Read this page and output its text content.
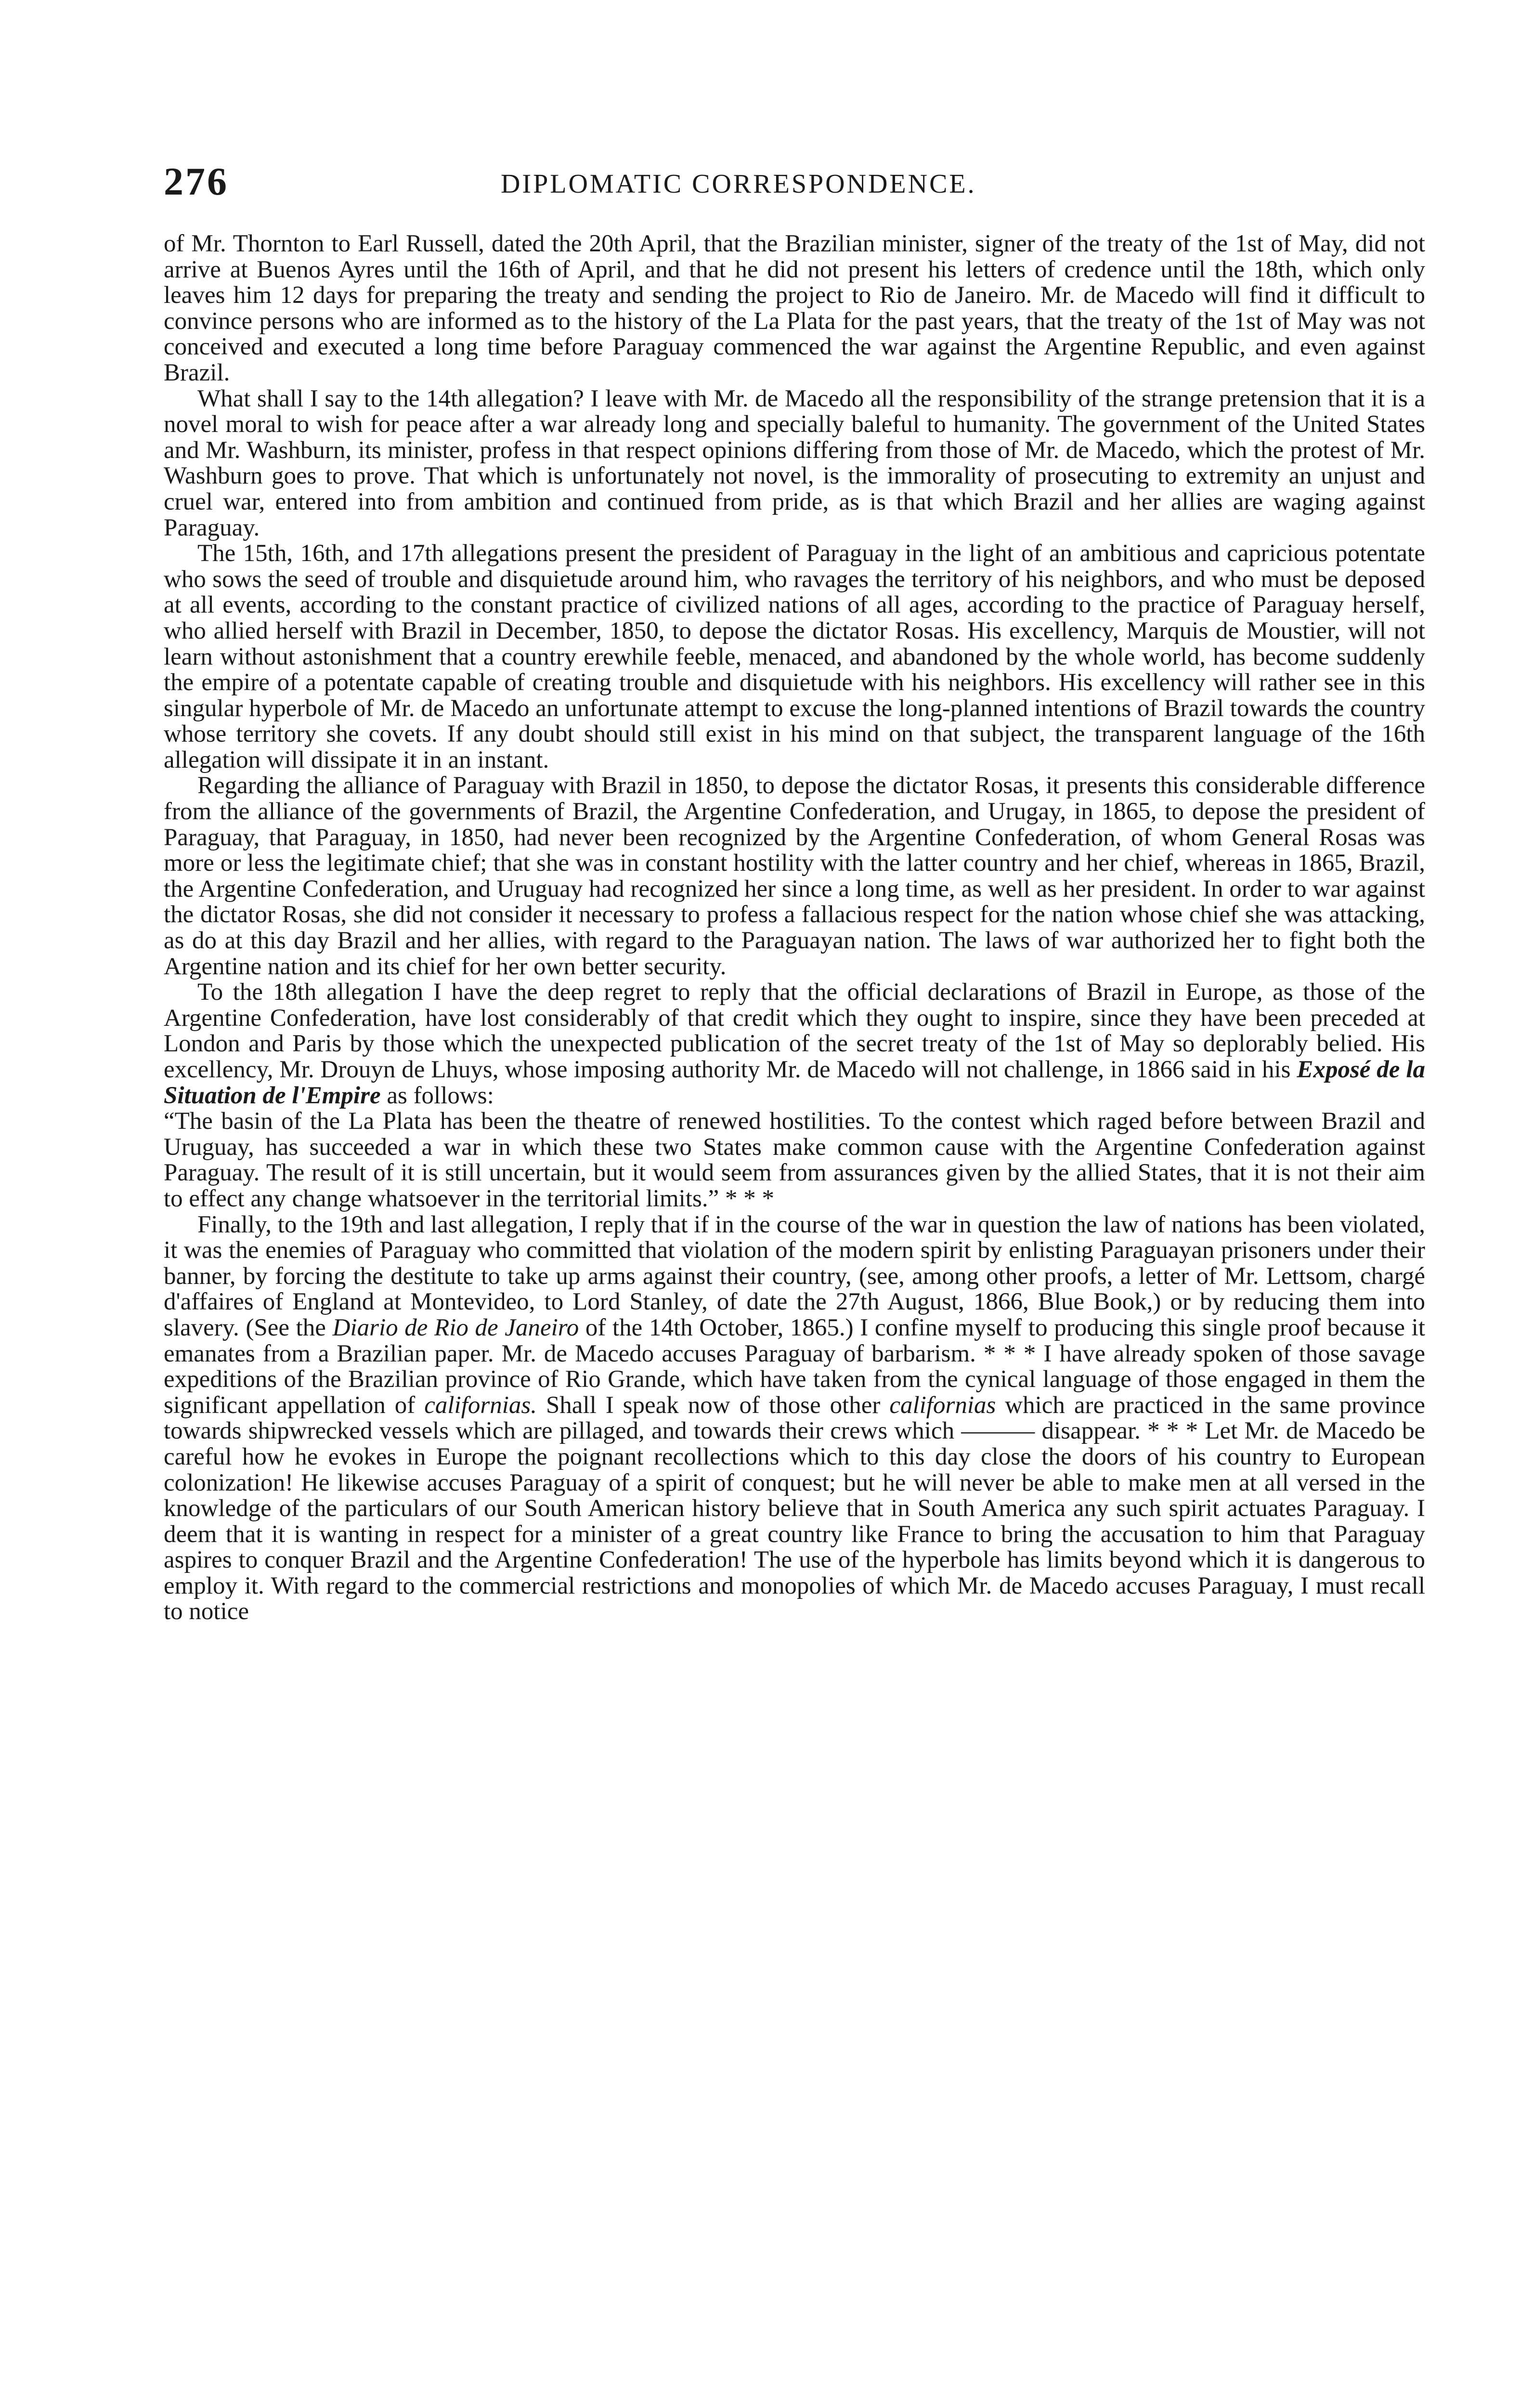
276	DIPLOMATIC CORRESPONDENCE.

of Mr. Thornton to Earl Russell, dated the 20th April, that the Brazilian minister, signer of the treaty of the 1st of May, did not arrive at Buenos Ayres until the 16th of April, and that he did not present his letters of credence until the 18th, which only leaves him 12 days for preparing the treaty and sending the project to Rio de Janeiro. Mr. de Macedo will find it difficult to convince persons who are informed as to the history of the La Plata for the past years, that the treaty of the 1st of May was not conceived and executed a long time before Paraguay commenced the war against the Argentine Republic, and even against Brazil.

What shall I say to the 14th allegation? I leave with Mr. de Macedo all the responsibility of the strange pretension that it is a novel moral to wish for peace after a war already long and specially baleful to humanity. The government of the United States and Mr. Washburn, its minister, profess in that respect opinions differing from those of Mr. de Macedo, which the protest of Mr. Washburn goes to prove. That which is unfortunately not novel, is the immorality of prosecuting to extremity an unjust and cruel war, entered into from ambition and continued from pride, as is that which Brazil and her allies are waging against Paraguay.

The 15th, 16th, and 17th allegations present the president of Paraguay in the light of an ambitious and capricious potentate who sows the seed of trouble and disquietude around him, who ravages the territory of his neighbors, and who must be deposed at all events, according to the constant practice of civilized nations of all ages, according to the practice of Paraguay herself, who allied herself with Brazil in December, 1850, to depose the dictator Rosas. His excellency, Marquis de Moustier, will not learn without astonishment that a country erewhile feeble, menaced, and abandoned by the whole world, has become suddenly the empire of a potentate capable of creating trouble and disquietude with his neighbors. His excellency will rather see in this singular hyperbole of Mr. de Macedo an unfortunate attempt to excuse the long-planned intentions of Brazil towards the country whose territory she covets. If any doubt should still exist in his mind on that subject, the transparent language of the 16th allegation will dissipate it in an instant.

Regarding the alliance of Paraguay with Brazil in 1850, to depose the dictator Rosas, it presents this considerable difference from the alliance of the governments of Brazil, the Argentine Confederation, and Urugay, in 1865, to depose the president of Paraguay, that Paraguay, in 1850, had never been recognized by the Argentine Confederation, of whom General Rosas was more or less the legitimate chief; that she was in constant hostility with the latter country and her chief, whereas in 1865, Brazil, the Argentine Confederation, and Uruguay had recognized her since a long time, as well as her president. In order to war against the dictator Rosas, she did not consider it necessary to profess a fallacious respect for the nation whose chief she was attacking, as do at this day Brazil and her allies, with regard to the Paraguayan nation. The laws of war authorized her to fight both the Argentine nation and its chief for her own better security.

To the 18th allegation I have the deep regret to reply that the official declarations of Brazil in Europe, as those of the Argentine Confederation, have lost considerably of that credit which they ought to inspire, since they have been preceded at London and Paris by those which the unexpected publication of the secret treaty of the 1st of May so deplorably belied. His excellency, Mr. Drouyn de Lhuys, whose imposing authority Mr. de Macedo will not challenge, in 1866 said in his Exposé de la Situation de l'Empire as follows:

“The basin of the La Plata has been the theatre of renewed hostilities. To the contest which raged before between Brazil and Uruguay, has succeeded a war in which these two States make common cause with the Argentine Confederation against Paraguay. The result of it is still uncertain, but it would seem from assurances given by the allied States, that it is not their aim to effect any change whatsoever in the territorial limits.” * * *

Finally, to the 19th and last allegation, I reply that if in the course of the war in question the law of nations has been violated, it was the enemies of Paraguay who committed that violation of the modern spirit by enlisting Paraguayan prisoners under their banner, by forcing the destitute to take up arms against their country, (see, among other proofs, a letter of Mr. Lettsom, chargé d'affaires of England at Montevideo, to Lord Stanley, of date the 27th August, 1866, Blue Book,) or by reducing them into slavery. (See the Diario de Rio de Janeiro of the 14th October, 1865.) I confine myself to producing this single proof because it emanates from a Brazilian paper. Mr. de Macedo accuses Paraguay of barbarism. * * * I have already spoken of those savage expeditions of the Brazilian province of Rio Grande, which have taken from the cynical language of those engaged in them the significant appellation of californias. Shall I speak now of those other californias which are practiced in the same province towards shipwrecked vessels which are pillaged, and towards their crews which ——— disappear. * * * Let Mr. de Macedo be careful how he evokes in Europe the poignant recollections which to this day close the doors of his country to European colonization! He likewise accuses Paraguay of a spirit of conquest; but he will never be able to make men at all versed in the knowledge of the particulars of our South American history believe that in South America any such spirit actuates Paraguay. I deem that it is wanting in respect for a minister of a great country like France to bring the accusation to him that Paraguay aspires to conquer Brazil and the Argentine Confederation! The use of the hyperbole has limits beyond which it is dangerous to employ it. With regard to the commercial restrictions and monopolies of which Mr. de Macedo accuses Paraguay, I must recall to notice
